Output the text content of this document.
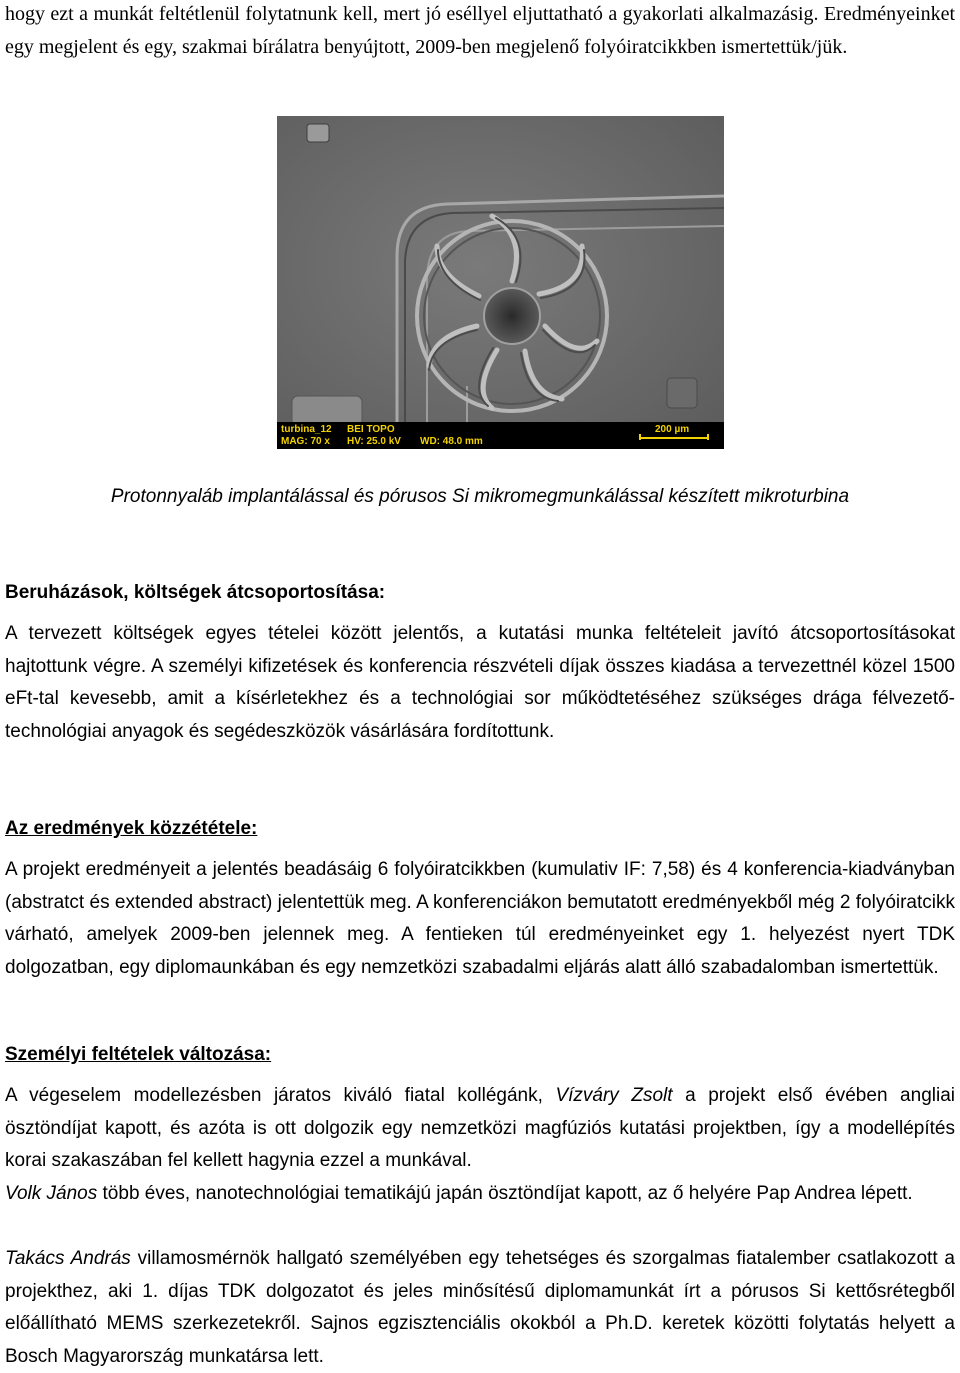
hogy ezt a munkát feltétlenül folytatnunk kell, mert jó eséllyel eljuttatható a gyakorlati alkalmazásig. Eredményeinket egy megjelent és egy, szakmai bírálatra benyújtott, 2009-ben megjelenő folyóiratcikkben ismertettük/jük.

turbina_12 BEI TOPO
MAG: 70 x HV: 25.0 kV WD: 48.0 mm
200 µm
Protonnyaláb implantálással és pórusos Si mikromegmunkálással készített mikroturbina
Beruházások, költségek átcsoportosítása:

A tervezett költségek egyes tételei között jelentős, a kutatási munka feltételeit javító átcsoportosításokat hajtottunk végre. A személyi kifizetések és konferencia részvételi díjak összes kiadása a tervezettnél közel 1500 eFt-tal kevesebb, amit a kísérletekhez és a technológiai sor működtetéséhez szükséges drága félvezető-technológiai anyagok és segédeszközök vásárlására fordítottunk.

Az eredmények közzététele:

A projekt eredményeit a jelentés beadásáig 6 folyóiratcikkben (kumulativ IF: 7,58) és 4 konferencia-kiadványban (abstratct és extended abstract) jelentettük meg. A konferenciákon bemutatott eredményekből még 2 folyóiratcikk várható, amelyek 2009-ben jelennek meg. A fentieken túl eredményeinket egy 1. helyezést nyert TDK dolgozatban, egy diplomaunkában és egy nemzetközi szabadalmi eljárás alatt álló szabadalomban ismertettük.

Személyi feltételek változása:

A végeselem modellezésben járatos kiváló fiatal kollégánk, Vízváry Zsolt a projekt első évében angliai ösztöndíjat kapott, és azóta is ott dolgozik egy nemzetközi magfúziós kutatási projektben, így a modellépítés korai szakaszában fel kellett hagynia ezzel a munkával.

Volk János több éves, nanotechnológiai tematikájú japán ösztöndíjat kapott, az ő helyére Pap Andrea lépett.

Takács András villamosmérnök hallgató személyében egy tehetséges és szorgalmas fiatalember csatlakozott a projekthez, aki 1. díjas TDK dolgozatot és jeles minősítésű diplomamunkát írt a pórusos Si kettősrétegből előállítható MEMS szerkezetekről. Sajnos egzisztenciális okokból a Ph.D. keretek közötti folytatás helyett a Bosch Magyarország munkatársa lett.
